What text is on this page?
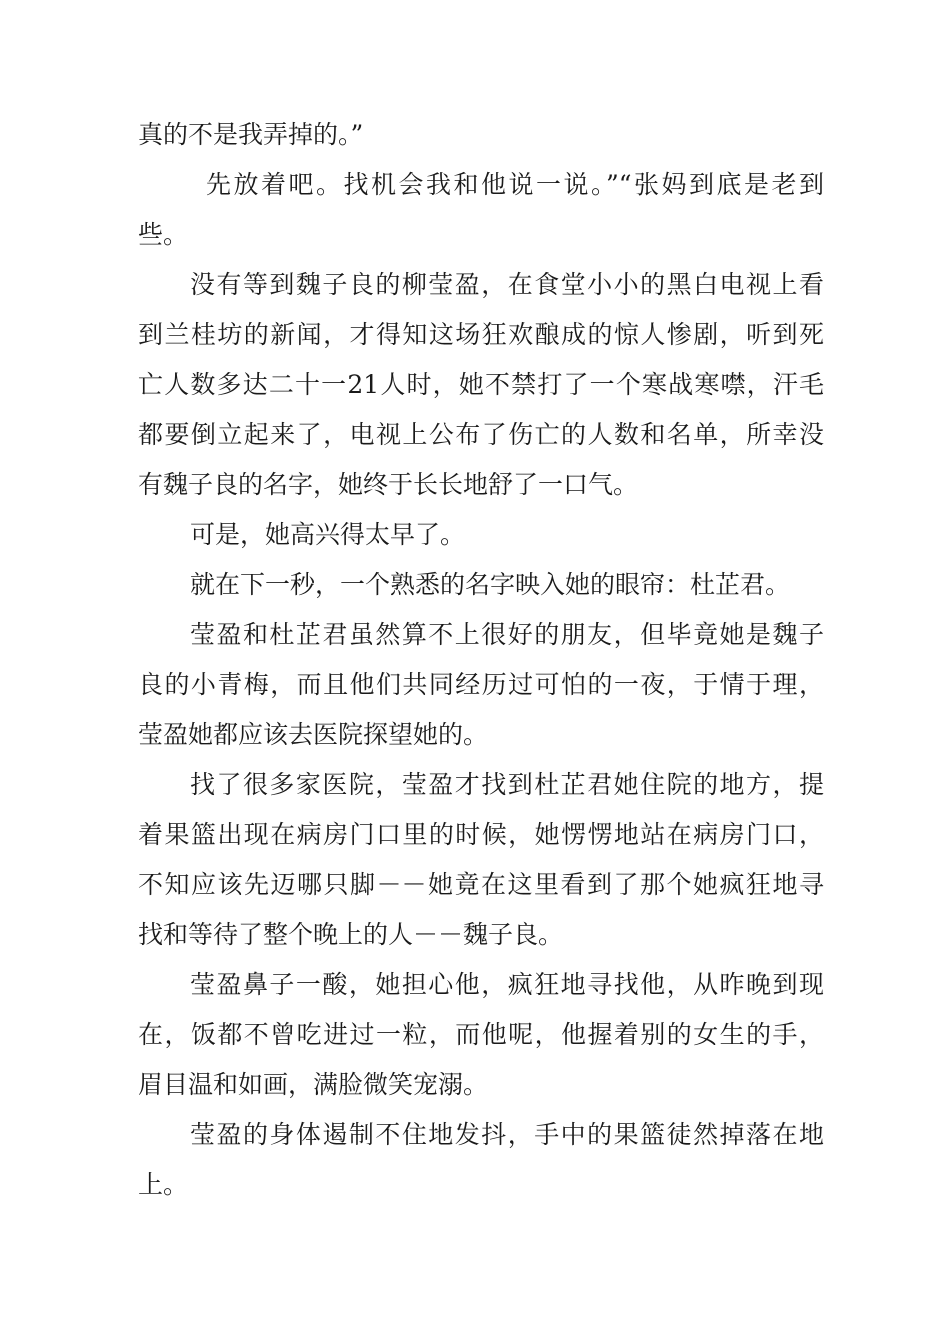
真的不是我弄掉的。”
先放着吧。找机会我和他说一说。”“张妈到底是老到
些。
没有等到魏子良的柳莹盈，在食堂小小的黑白电视上看
到兰桂坊的新闻，才得知这场狂欢酿成的惊人惨剧，听到死
亡人数多达二十一21人时，她不禁打了一个寒战寒噤，汗毛
都要倒立起来了，电视上公布了伤亡的人数和名单，所幸没
有魏子良的名字，她终于长长地舒了一口气。
可是，她高兴得太早了。
就在下一秒，一个熟悉的名字映入她的眼帘：杜芷君。
莹盈和杜芷君虽然算不上很好的朋友，但毕竟她是魏子
良的小青梅，而且他们共同经历过可怕的一夜，于情于理，
莹盈她都应该去医院探望她的。
找了很多家医院，莹盈才找到杜芷君她住院的地方，提
着果篮出现在病房门口里的时候，她愣愣地站在病房门口，
不知应该先迈哪只脚－－她竟在这里看到了那个她疯狂地寻
找和等待了整个晚上的人－－魏子良。
莹盈鼻子一酸，她担心他，疯狂地寻找他，从昨晚到现
在，饭都不曾吃进过一粒，而他呢，他握着别的女生的手，
眉目温和如画，满脸微笑宠溺。
莹盈的身体遏制不住地发抖，手中的果篮徒然掉落在地
上。
